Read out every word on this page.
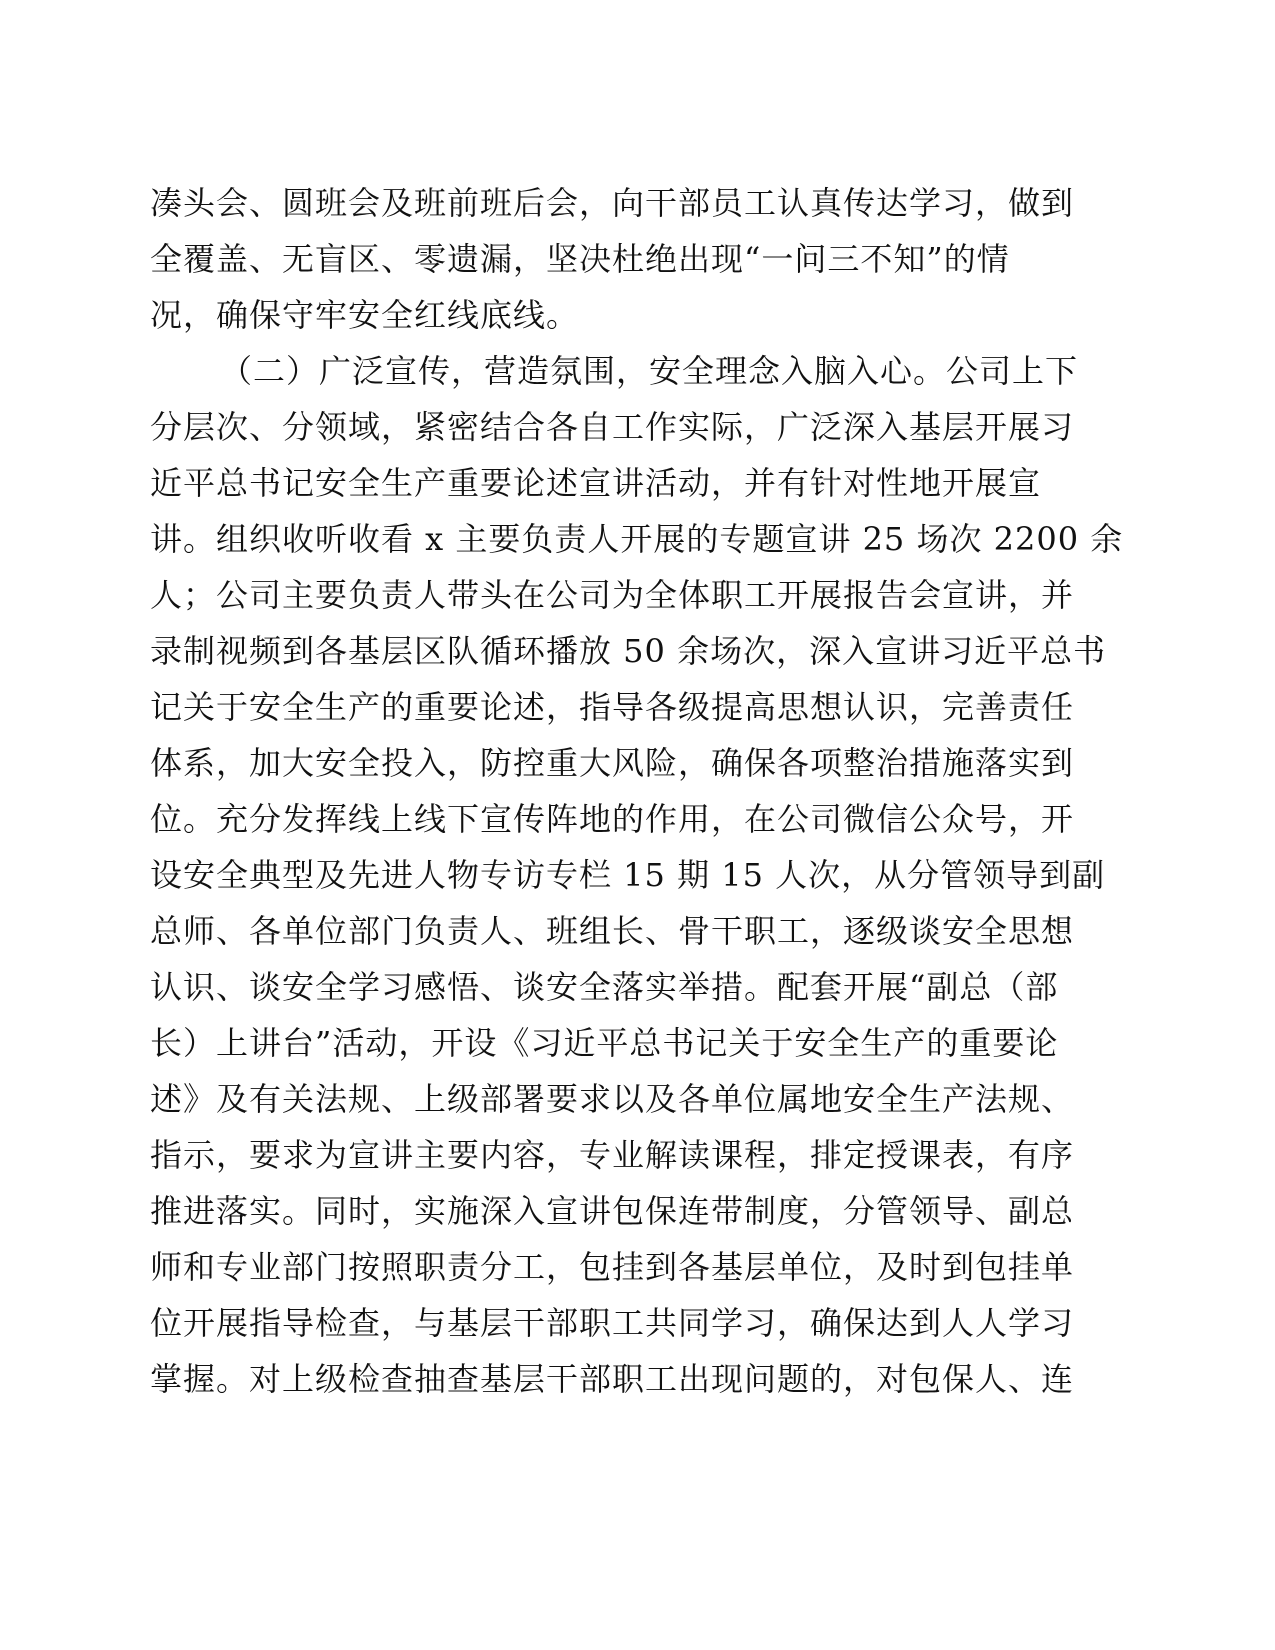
凑头会、圆班会及班前班后会，向干部员工认真传达学习，做到
全覆盖、无盲区、零遗漏，坚决杜绝出现“一问三不知”的情
况，确保守牢安全红线底线。
（二）广泛宣传，营造氛围，安全理念入脑入心。公司上下
分层次、分领域，紧密结合各自工作实际，广泛深入基层开展习
近平总书记安全生产重要论述宣讲活动，并有针对性地开展宣
讲。组织收听收看 x 主要负责人开展的专题宣讲 25 场次 2200 余
人；公司主要负责人带头在公司为全体职工开展报告会宣讲，并
录制视频到各基层区队循环播放 50 余场次，深入宣讲习近平总书
记关于安全生产的重要论述，指导各级提高思想认识，完善责任
体系，加大安全投入，防控重大风险，确保各项整治措施落实到
位。充分发挥线上线下宣传阵地的作用，在公司微信公众号，开
设安全典型及先进人物专访专栏 15 期 15 人次，从分管领导到副
总师、各单位部门负责人、班组长、骨干职工，逐级谈安全思想
认识、谈安全学习感悟、谈安全落实举措。配套开展“副总（部
长）上讲台”活动，开设《习近平总书记关于安全生产的重要论
述》及有关法规、上级部署要求以及各单位属地安全生产法规、
指示，要求为宣讲主要内容，专业解读课程，排定授课表，有序
推进落实。同时，实施深入宣讲包保连带制度，分管领导、副总
师和专业部门按照职责分工，包挂到各基层单位，及时到包挂单
位开展指导检查，与基层干部职工共同学习，确保达到人人学习
掌握。对上级检查抽查基层干部职工出现问题的，对包保人、连
